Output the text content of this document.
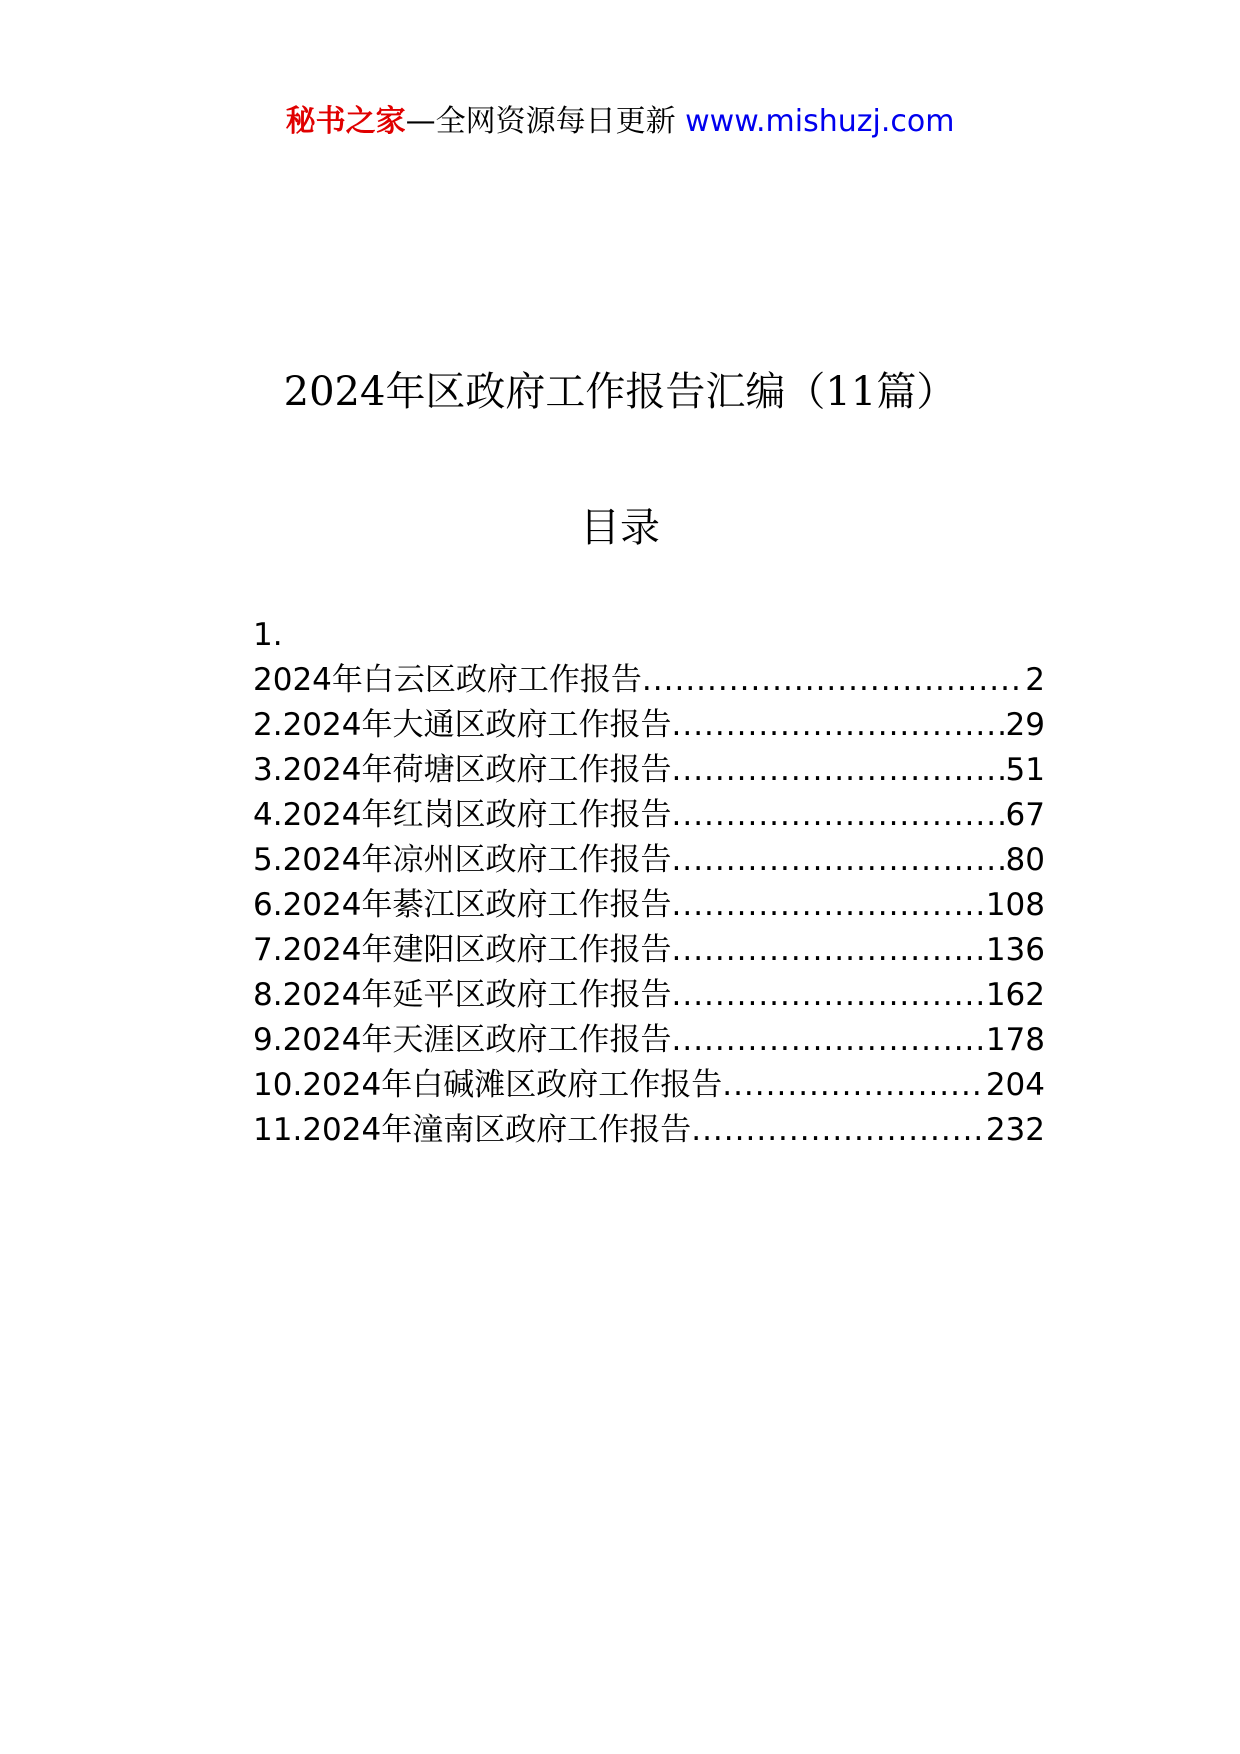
秘书之家—全网资源每日更新 www.mishuzj.com
2024年区政府工作报告汇编（11篇）
目录
1.
2024年白云区政府工作报告 .....	2
2. 2024年大通区政府工作报告 .....	29
3. 2024年荷塘区政府工作报告 .....	51
4. 2024年红岗区政府工作报告 .....	67
5. 2024年凉州区政府工作报告 .....	80
6. 2024年綦江区政府工作报告 .....	108
7. 2024年建阳区政府工作报告 .....	136
8. 2024年延平区政府工作报告 .....	162
9. 2024年天涯区政府工作报告 .....	178
10. 2024年白碱滩区政府工作报告 .....	204
11. 2024年潼南区政府工作报告 .....	232
